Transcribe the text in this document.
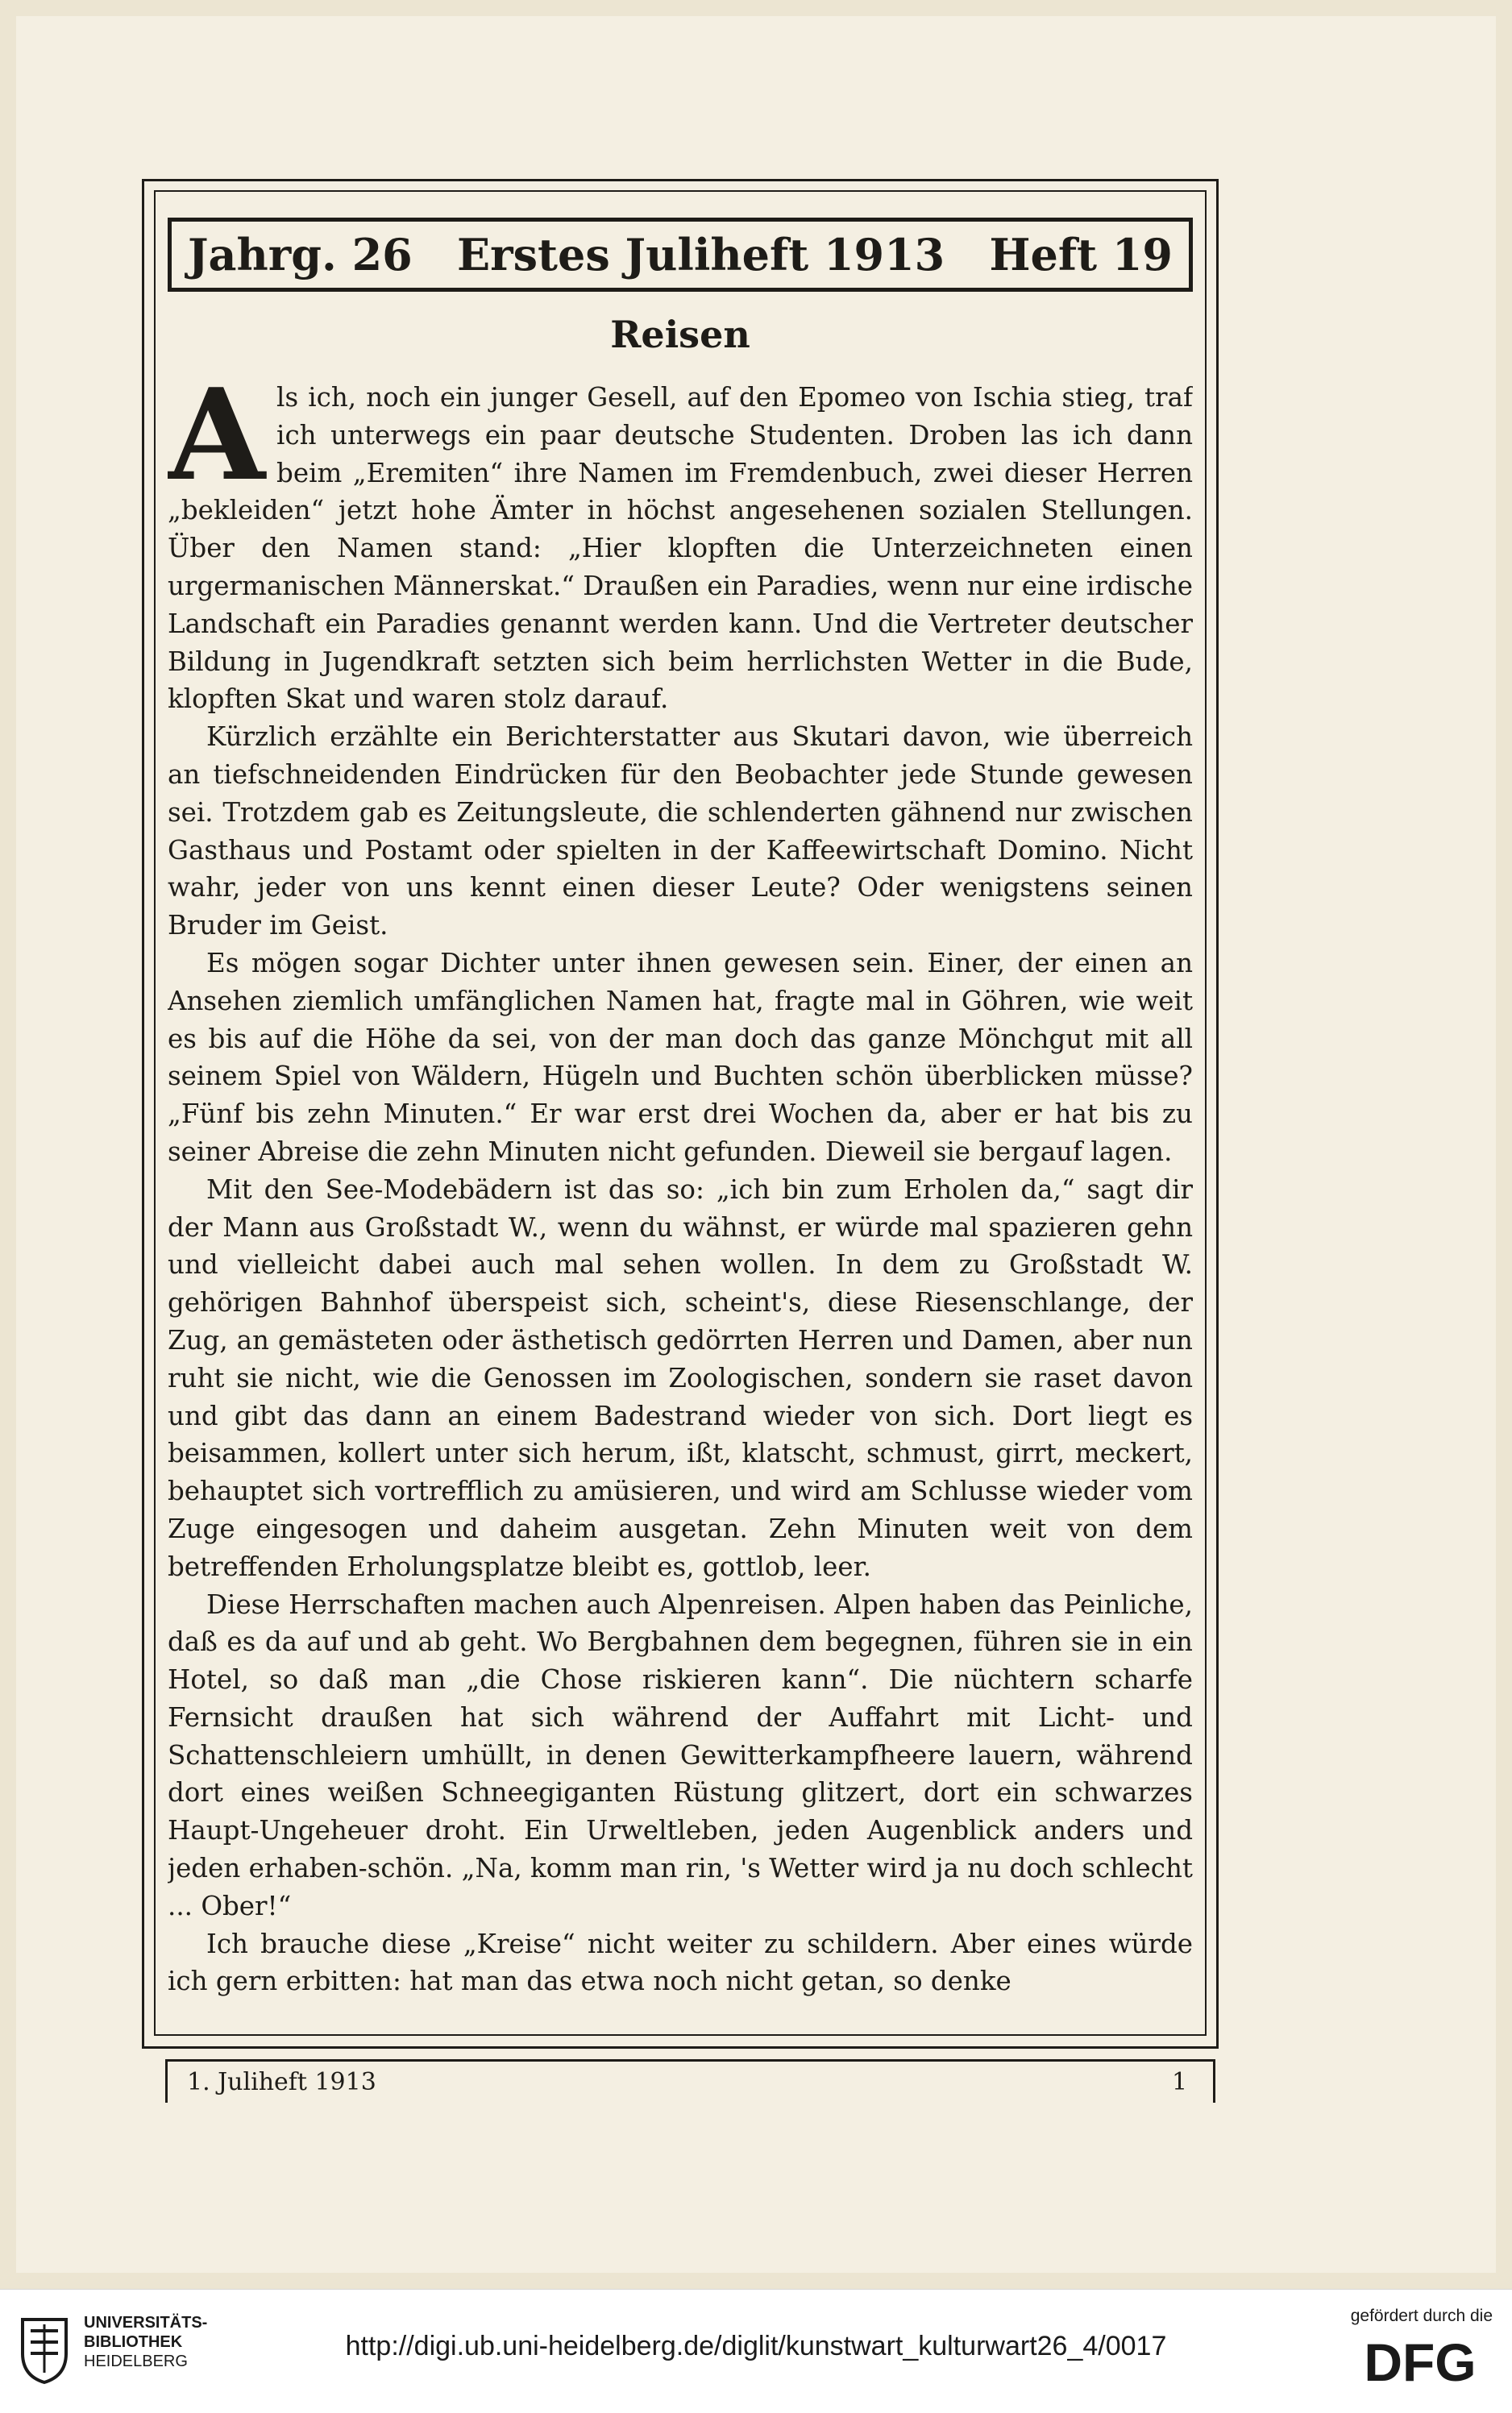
Jahrg. 26 Erstes Juliheft 1913 Heft 19
Reisen

Als ich, noch ein junger Gesell, auf den Epomeo von Ischia stieg, traf ich unterwegs ein paar deutsche Studenten. Droben las ich dann beim „Eremiten“ ihre Namen im Fremdenbuch, zwei dieser Herren „bekleiden“ jetzt hohe Ämter in höchst angesehenen sozialen Stellungen. Über den Namen stand: „Hier klopften die Unterzeichneten einen urgermanischen Männerskat.“ Draußen ein Paradies, wenn nur eine irdische Landschaft ein Paradies genannt werden kann. Und die Vertreter deutscher Bildung in Jugendkraft setzten sich beim herrlichsten Wetter in die Bude, klopften Skat und waren stolz darauf.

Kürzlich erzählte ein Berichterstatter aus Skutari davon, wie überreich an tiefschneidenden Eindrücken für den Beobachter jede Stunde gewesen sei. Trotzdem gab es Zeitungsleute, die schlenderten gähnend nur zwischen Gasthaus und Postamt oder spielten in der Kaffeewirtschaft Domino. Nicht wahr, jeder von uns kennt einen dieser Leute? Oder wenigstens seinen Bruder im Geist.

Es mögen sogar Dichter unter ihnen gewesen sein. Einer, der einen an Ansehen ziemlich umfänglichen Namen hat, fragte mal in Göhren, wie weit es bis auf die Höhe da sei, von der man doch das ganze Mönchgut mit all seinem Spiel von Wäldern, Hügeln und Buchten schön überblicken müsse? „Fünf bis zehn Minuten.“ Er war erst drei Wochen da, aber er hat bis zu seiner Abreise die zehn Minuten nicht gefunden. Dieweil sie bergauf lagen.

Mit den See-Modebädern ist das so: „ich bin zum Erholen da,“ sagt dir der Mann aus Großstadt W., wenn du wähnst, er würde mal spazieren gehn und vielleicht dabei auch mal sehen wollen. In dem zu Großstadt W. gehörigen Bahnhof überspeist sich, scheint's, diese Riesenschlange, der Zug, an gemästeten oder ästhetisch gedörrten Herren und Damen, aber nun ruht sie nicht, wie die Genossen im Zoologischen, sondern sie raset davon und gibt das dann an einem Badestrand wieder von sich. Dort liegt es beisammen, kollert unter sich herum, ißt, klatscht, schmust, girrt, meckert, behauptet sich vortrefflich zu amüsieren, und wird am Schlusse wieder vom Zuge eingesogen und daheim ausgetan. Zehn Minuten weit von dem betreffenden Erholungsplatze bleibt es, gottlob, leer.

Diese Herrschaften machen auch Alpenreisen. Alpen haben das Peinliche, daß es da auf und ab geht. Wo Bergbahnen dem begegnen, führen sie in ein Hotel, so daß man „die Chose riskieren kann“. Die nüchtern scharfe Fernsicht draußen hat sich während der Auffahrt mit Licht- und Schattenschleiern umhüllt, in denen Gewitterkampfheere lauern, während dort eines weißen Schneegiganten Rüstung glitzert, dort ein schwarzes Haupt-Ungeheuer droht. Ein Urweltleben, jeden Augenblick anders und jeden erhaben-schön. „Na, komm man rin, 's Wetter wird ja nu doch schlecht ... Ober!“

Ich brauche diese „Kreise“ nicht weiter zu schildern. Aber eines würde ich gern erbitten: hat man das etwa noch nicht getan, so denke

1. Juliheft 1913	1
UNIVERSITÄTS-
BIBLIOTHEK
HEIDELBERG	http://digi.ub.uni-heidelberg.de/diglit/kunstwart_kulturwart26_4/0017
gefördert durch die
DFG
